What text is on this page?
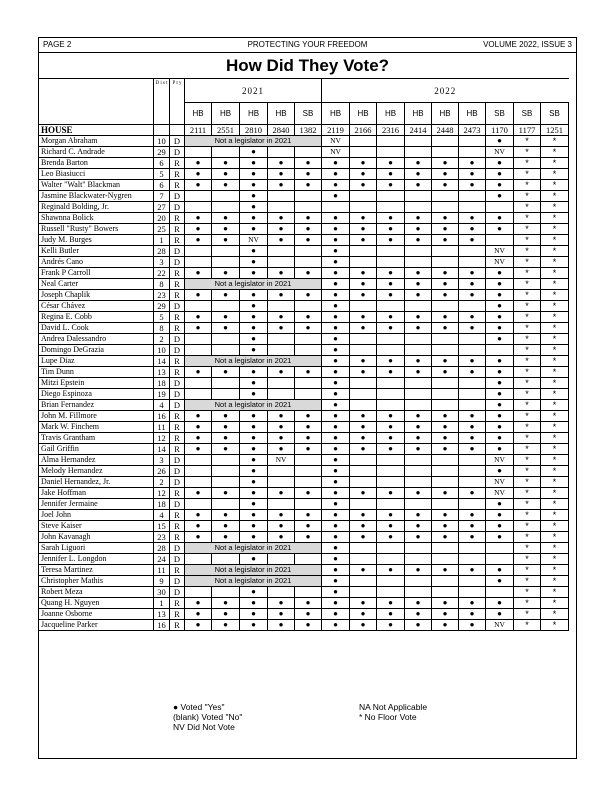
PAGE 2	PROTECTING YOUR FREEDOM	VOLUME 2022, ISSUE 3
How Did They Vote?
	D i s t	P t y	2021					2022								
			HB	HB	HB	HB	SB	HB	HB	HB	HB	HB	HB	SB	SB	SB
HOUSE			2111	2551	2810	2840	1382	2119	2166	2316	2414	2448	2473	1170	1177	1251
Morgan Abraham	10	D	Not a legislator in 2021					NV						●	*	*
Richard C. Andrade	29	D			●			NV						NV	*	*
Brenda Barton	6	R	●	●	●	●	●	●	●	●	●	●	●	●	*	*
Leo Biasiucci	5	R	●	●	●	●	●	●	●	●	●	●	●	●	*	*
Walter "Walt" Blackman	6	R	●	●	●	●	●	●	●	●	●	●	●	●	*	*
Jasmine Blackwater-Nygren	7	D			●			●						●	*	*
Reginald Bolding, Jr.	27	D			●										*	*
Shawnna Bolick	20	R	●	●	●	●	●	●	●	●	●	●	●	●	*	*
Russell "Rusty" Bowers	25	R	●	●	●	●	●	●	●	●	●	●	●	●	*	*
Judy M. Burges	1	R	●	●	NV	●	●	●	●	●	●	●	●		*	*
Kelli Butler	28	D			●			●						NV	*	*
Andrés Cano	3	D			●			●						NV	*	*
Frank P Carroll	22	R	●	●	●	●	●	●	●	●	●	●	●	●	*	*
Neal Carter	8	R	Not a legislator in 2021					●	●	●	●	●	●	●	*	*
Joseph Chaplik	23	R	●	●	●	●	●	●	●	●	●	●	●	●	*	*
César Chávez	29	D			●			●						●	*	*
Regina E. Cobb	5	R	●	●	●	●	●	●	●	●	●	●	●	●	*	*
David L. Cook	8	R	●	●	●	●	●	●	●	●	●	●	●	●	*	*
Andrea Dalessandro	2	D			●			●						●	*	*
Domingo DeGrazia	10	D			●			●							*	*
Lupe Diaz	14	R	Not a legislator in 2021					●	●	●	●	●	●	●	*	*
Tim Dunn	13	R	●	●	●	●	●	●	●	●	●	●	●	●	*	*
Mitzi Epstein	18	D			●			●						●	*	*
Diego Espinoza	19	D			●			●						●	*	*
Brian Fernandez	4	D	Not a legislator in 2021					●						●	*	*
John M. Fillmore	16	R	●	●	●	●	●	●	●	●	●	●	●	●	*	*
Mark W. Finchem	11	R	●	●	●	●	●	●	●	●	●	●	●	●	*	*
Travis Grantham	12	R	●	●	●	●	●	●	●	●	●	●	●	●	*	*
Gail Griffin	14	R	●	●	●	●	●	●	●	●	●	●	●	●	*	*
Alma Hernandez	3	D			●	NV		●						NV	*	*
Melody Hernandez	26	D			●			●						●	*	*
Daniel Hernandez, Jr.	2	D			●			●						NV	*	*
Jake Hoffman	12	R	●	●	●	●	●	●	●	●	●	●	●	NV	*	*
Jennifer Jermaine	18	D			●			●						●	*	*
Joel John	4	R	●	●	●	●	●	●	●	●	●	●	●	●	*	*
Steve Kaiser	15	R	●	●	●	●	●	●	●	●	●	●	●	●	*	*
John Kavanagh	23	R	●	●	●	●	●	●	●	●	●	●	●	●	*	*
Sarah Liguori	28	D	Not a legislator in 2021					●							*	*
Jennifer L. Longdon	24	D			●			●							*	*
Teresa Martinez	11	R	Not a legislator in 2021					●	●	●	●	●	●	●	*	*
Christopher Mathis	9	D	Not a legislator in 2021					●						●	*	*
Robert Meza	30	D			●			●							*	*
Quang H. Nguyen	1	R	●	●	●	●	●	●	●	●	●	●	●	●	*	*
Joanne Osborne	13	R	●	●	●	●	●	●	●	●	●	●	●	●	*	*
Jacqueline Parker	16	R	●	●	●	●	●	●	●	●	●	●	●	NV	*	*
● Voted "Yes"
(blank) Voted "No"
NV Did Not Vote
NA Not Applicable
* No Floor Vote
